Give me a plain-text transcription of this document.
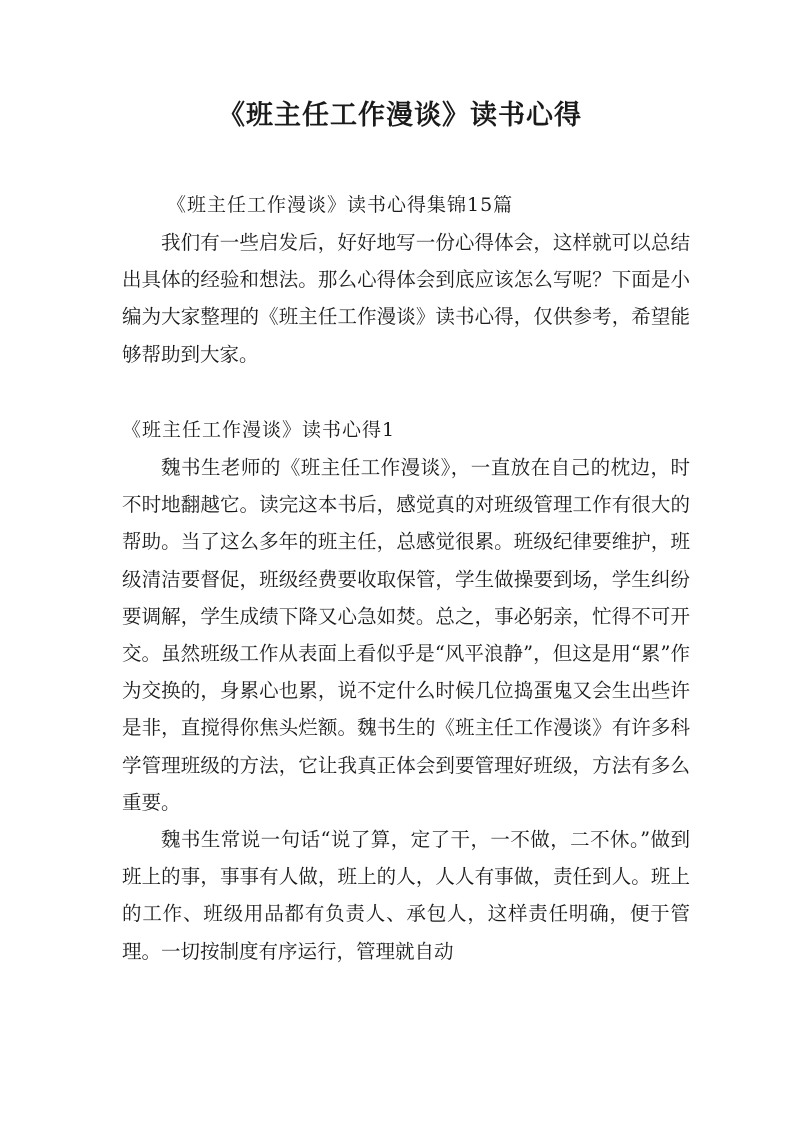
《班主任工作漫谈》读书心得
《班主任工作漫谈》读书心得集锦15篇

我们有一些启发后，好好地写一份心得体会，这样就可以总结出具体的经验和想法。那么心得体会到底应该怎么写呢？下面是小编为大家整理的《班主任工作漫谈》读书心得，仅供参考，希望能够帮助到大家。

《班主任工作漫谈》读书心得1

魏书生老师的《班主任工作漫谈》，一直放在自己的枕边，时不时地翻越它。读完这本书后，感觉真的对班级管理工作有很大的帮助。当了这么多年的班主任，总感觉很累。班级纪律要维护，班级清洁要督促，班级经费要收取保管，学生做操要到场，学生纠纷要调解，学生成绩下降又心急如焚。总之，事必躬亲，忙得不可开交。虽然班级工作从表面上看似乎是“风平浪静”，但这是用“累”作为交换的，身累心也累，说不定什么时候几位捣蛋鬼又会生出些许是非，直搅得你焦头烂额。魏书生的《班主任工作漫谈》有许多科学管理班级的方法，它让我真正体会到要管理好班级，方法有多么重要。

魏书生常说一句话“说了算，定了干，一不做，二不休。”做到班上的事，事事有人做，班上的人，人人有事做，责任到人。班上的工作、班级用品都有负责人、承包人，这样责任明确，便于管理。一切按制度有序运行，管理就自动
